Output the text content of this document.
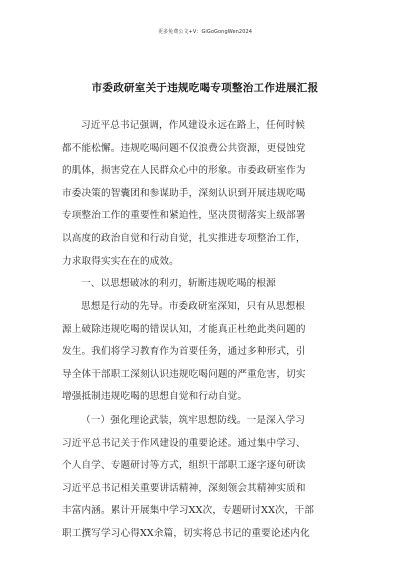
更多免费公文+V：GiGoGongWen2024
市委政研室关于违规吃喝专项整治工作进展汇报
习近平总书记强调，作风建设永远在路上，任何时候
都不能松懈。违规吃喝问题不仅浪费公共资源，更侵蚀党
的肌体，损害党在人民群众心中的形象。市委政研室作为
市委决策的智囊团和参谋助手，深刻认识到开展违规吃喝
专项整治工作的重要性和紧迫性，坚决贯彻落实上级部署
以高度的政治自觉和行动自觉，扎实推进专项整治工作，
力求取得实实在在的成效。
一、以思想破冰的利刃，斩断违规吃喝的根源
思想是行动的先导。市委政研室深知，只有从思想根
源上破除违规吃喝的错误认知，才能真正杜绝此类问题的
发生。我们将学习教育作为首要任务，通过多种形式，引
导全体干部职工深刻认识违规吃喝问题的严重危害，切实
增强抵制违规吃喝的思想自觉和行动自觉。
（一）强化理论武装，筑牢思想防线。一是深入学习
习近平总书记关于作风建设的重要论述。通过集中学习、
个人自学、专题研讨等方式，组织干部职工逐字逐句研读
习近平总书记相关重要讲话精神，深刻领会其精神实质和
丰富内涵。累计开展集中学习XX次，专题研讨XX次，干部
职工撰写学习心得XX余篇，切实将总书记的重要论述内化
